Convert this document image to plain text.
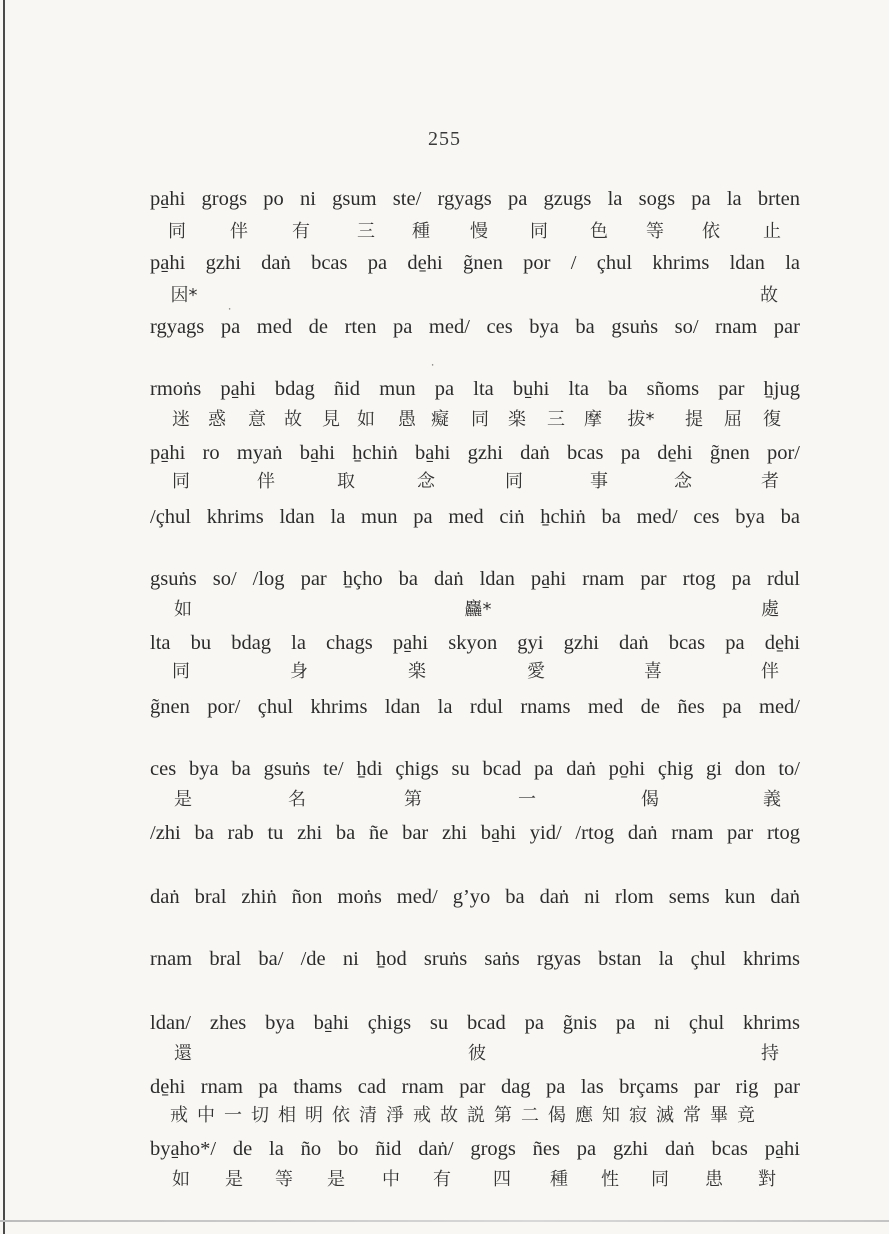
255

pa̱hi grogs po ni gsum ste/ rgyags pa gzugs la sogs pa la brten

同 伴 有	三 種 慢 同 色 等 依 止

pa̱hi gzhi daṅ bcas pa de̱hi g̃nen por / çhul khrims ldan la

因*	故

rgyags pa med de rten pa med/ ces bya ba gsuṅs so/ rnam par

rmoṅs pa̱hi bdag ñid mun pa lta bu̱hi lta ba sñoms par ẖjug

迷 惑 意 故 見 如 愚 癡 同 楽 三 摩 拔* 提 屈 復

pa̱hi ro myaṅ ba̱hi ẖchiṅ ba̱hi gzhi daṅ bcas pa de̱hi g̃nen por/

同	伴	取	念	同	事	念	者

/çhul khrims ldan la mun pa med ciṅ ẖchiṅ ba med/ ces bya ba

gsuṅs so/ /log par ẖçho ba daṅ ldan pa̱hi rnam par rtog pa rdul

如	麤*	處

lta bu bdag la chags pa̱hi skyon gyi gzhi daṅ bcas pa de̱hi

同	身	楽	愛	喜	伴

g̃nen por/ çhul khrims ldan la rdul rnams med de ñes pa med/

ces bya ba gsuṅs te/ ẖdi çhigs su bcad pa daṅ po̱hi çhig gi don to/

是	名	第	一	偈	義

/zhi ba rab tu zhi ba ñe bar zhi ba̱hi yid/ /rtog daṅ rnam par rtog

daṅ bral zhiṅ ñon moṅs med/ g’yo ba daṅ ni rlom sems kun daṅ

rnam bral ba/ /de ni ẖod sruṅs saṅs rgyas bstan la çhul khrims

ldan/ zhes bya ba̱hi çhigs su bcad pa g̃nis pa ni çhul khrims

還	彼	持

de̱hi rnam pa thams cad rnam par dag pa las brçams par rig par

戒 中 一 切 相 明 依 清 淨 戒 故 説 第 二 偈 應 知 寂 滅 常 畢 竟

bya̱ho*/ de la ño bo ñid daṅ/ grogs ñes pa gzhi daṅ bcas pa̱hi

如 是 等 是 中 有 四 種 性 同 患 對
⸱
⸱
